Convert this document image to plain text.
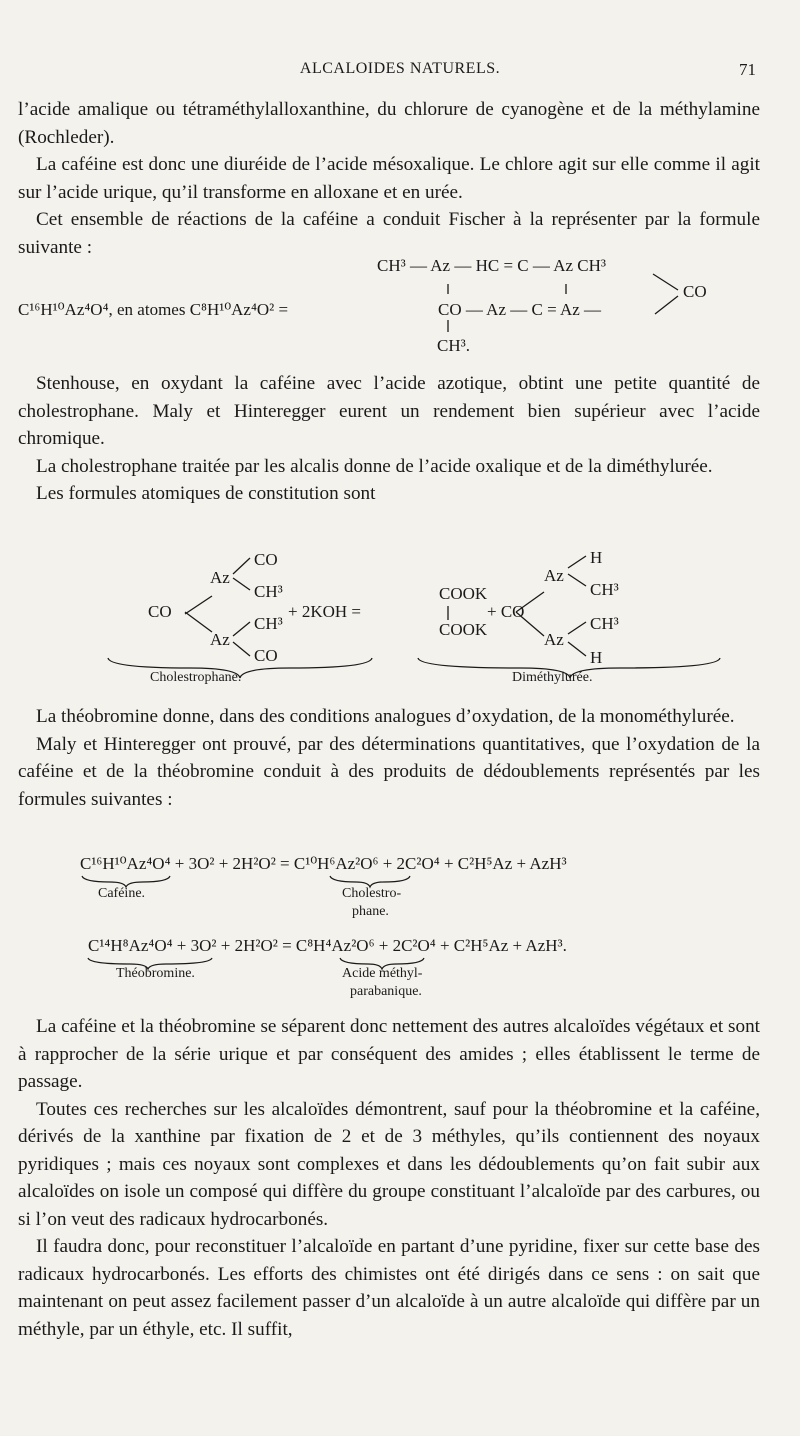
ALCALOIDES NATURELS.	71

l’acide amalique ou tétraméthylalloxanthine, du chlorure de cyanogène et de la méthylamine (Rochleder).

La caféine est donc une diuréide de l’acide mésoxalique. Le chlore agit sur elle comme il agit sur l’acide urique, qu’il transforme en alloxane et en urée.

Cet ensemble de réactions de la caféine a conduit Fischer à la représenter par la formule suivante :

CH³ — Az — HC = C — Az CH³
C¹⁶H¹⁰Az⁴O⁴, en atomes C⁸H¹⁰Az⁴O² =	CO — Az — C = Az —
CO
CH³.

Stenhouse, en oxydant la caféine avec l’acide azotique, obtint une petite quantité de cholestrophane. Maly et Hinteregger eurent un rendement bien supérieur avec l’acide chromique.

La cholestrophane traitée par les alcalis donne de l’acide oxalique et de la diméthylurée.

Les formules atomiques de constitution sont

CO
Az
CH³
CO
CH³
Az
CO
+ 2KOH =
COOK
COOK
+ CO
Az
H
CH³
CH³
Az
H
Cholestrophane.	Diméthylurée.

La théobromine donne, dans des conditions analogues d’oxydation, de la monométhylurée.

Maly et Hinteregger ont prouvé, par des déterminations quantitatives, que l’oxydation de la caféine et de la théobromine conduit à des produits de dédoublements représentés par les formules suivantes :

C¹⁶H¹⁰Az⁴O⁴ + 3O² + 2H²O² = C¹⁰H⁶Az²O⁶ + 2C²O⁴ + C²H⁵Az + AzH³
Caféine.	Cholestro-
phane.
C¹⁴H⁸Az⁴O⁴ + 3O² + 2H²O² = C⁸H⁴Az²O⁶ + 2C²O⁴ + C²H⁵Az + AzH³.
Théobromine.	Acide méthyl-
parabanique.

La caféine et la théobromine se séparent donc nettement des autres alcaloïdes végétaux et sont à rapprocher de la série urique et par conséquent des amides ; elles établissent le terme de passage.

Toutes ces recherches sur les alcaloïdes démontrent, sauf pour la théobromine et la caféine, dérivés de la xanthine par fixation de 2 et de 3 méthyles, qu’ils contiennent des noyaux pyridiques ; mais ces noyaux sont complexes et dans les dédoublements qu’on fait subir aux alcaloïdes on isole un composé qui diffère du groupe constituant l’alcaloïde par des carbures, ou si l’on veut des radicaux hydrocarbonés.

Il faudra donc, pour reconstituer l’alcaloïde en partant d’une pyridine, fixer sur cette base des radicaux hydrocarbonés. Les efforts des chimistes ont été dirigés dans ce sens : on sait que maintenant on peut assez facilement passer d’un alcaloïde à un autre alcaloïde qui diffère par un méthyle, par un éthyle, etc. Il suffit,
